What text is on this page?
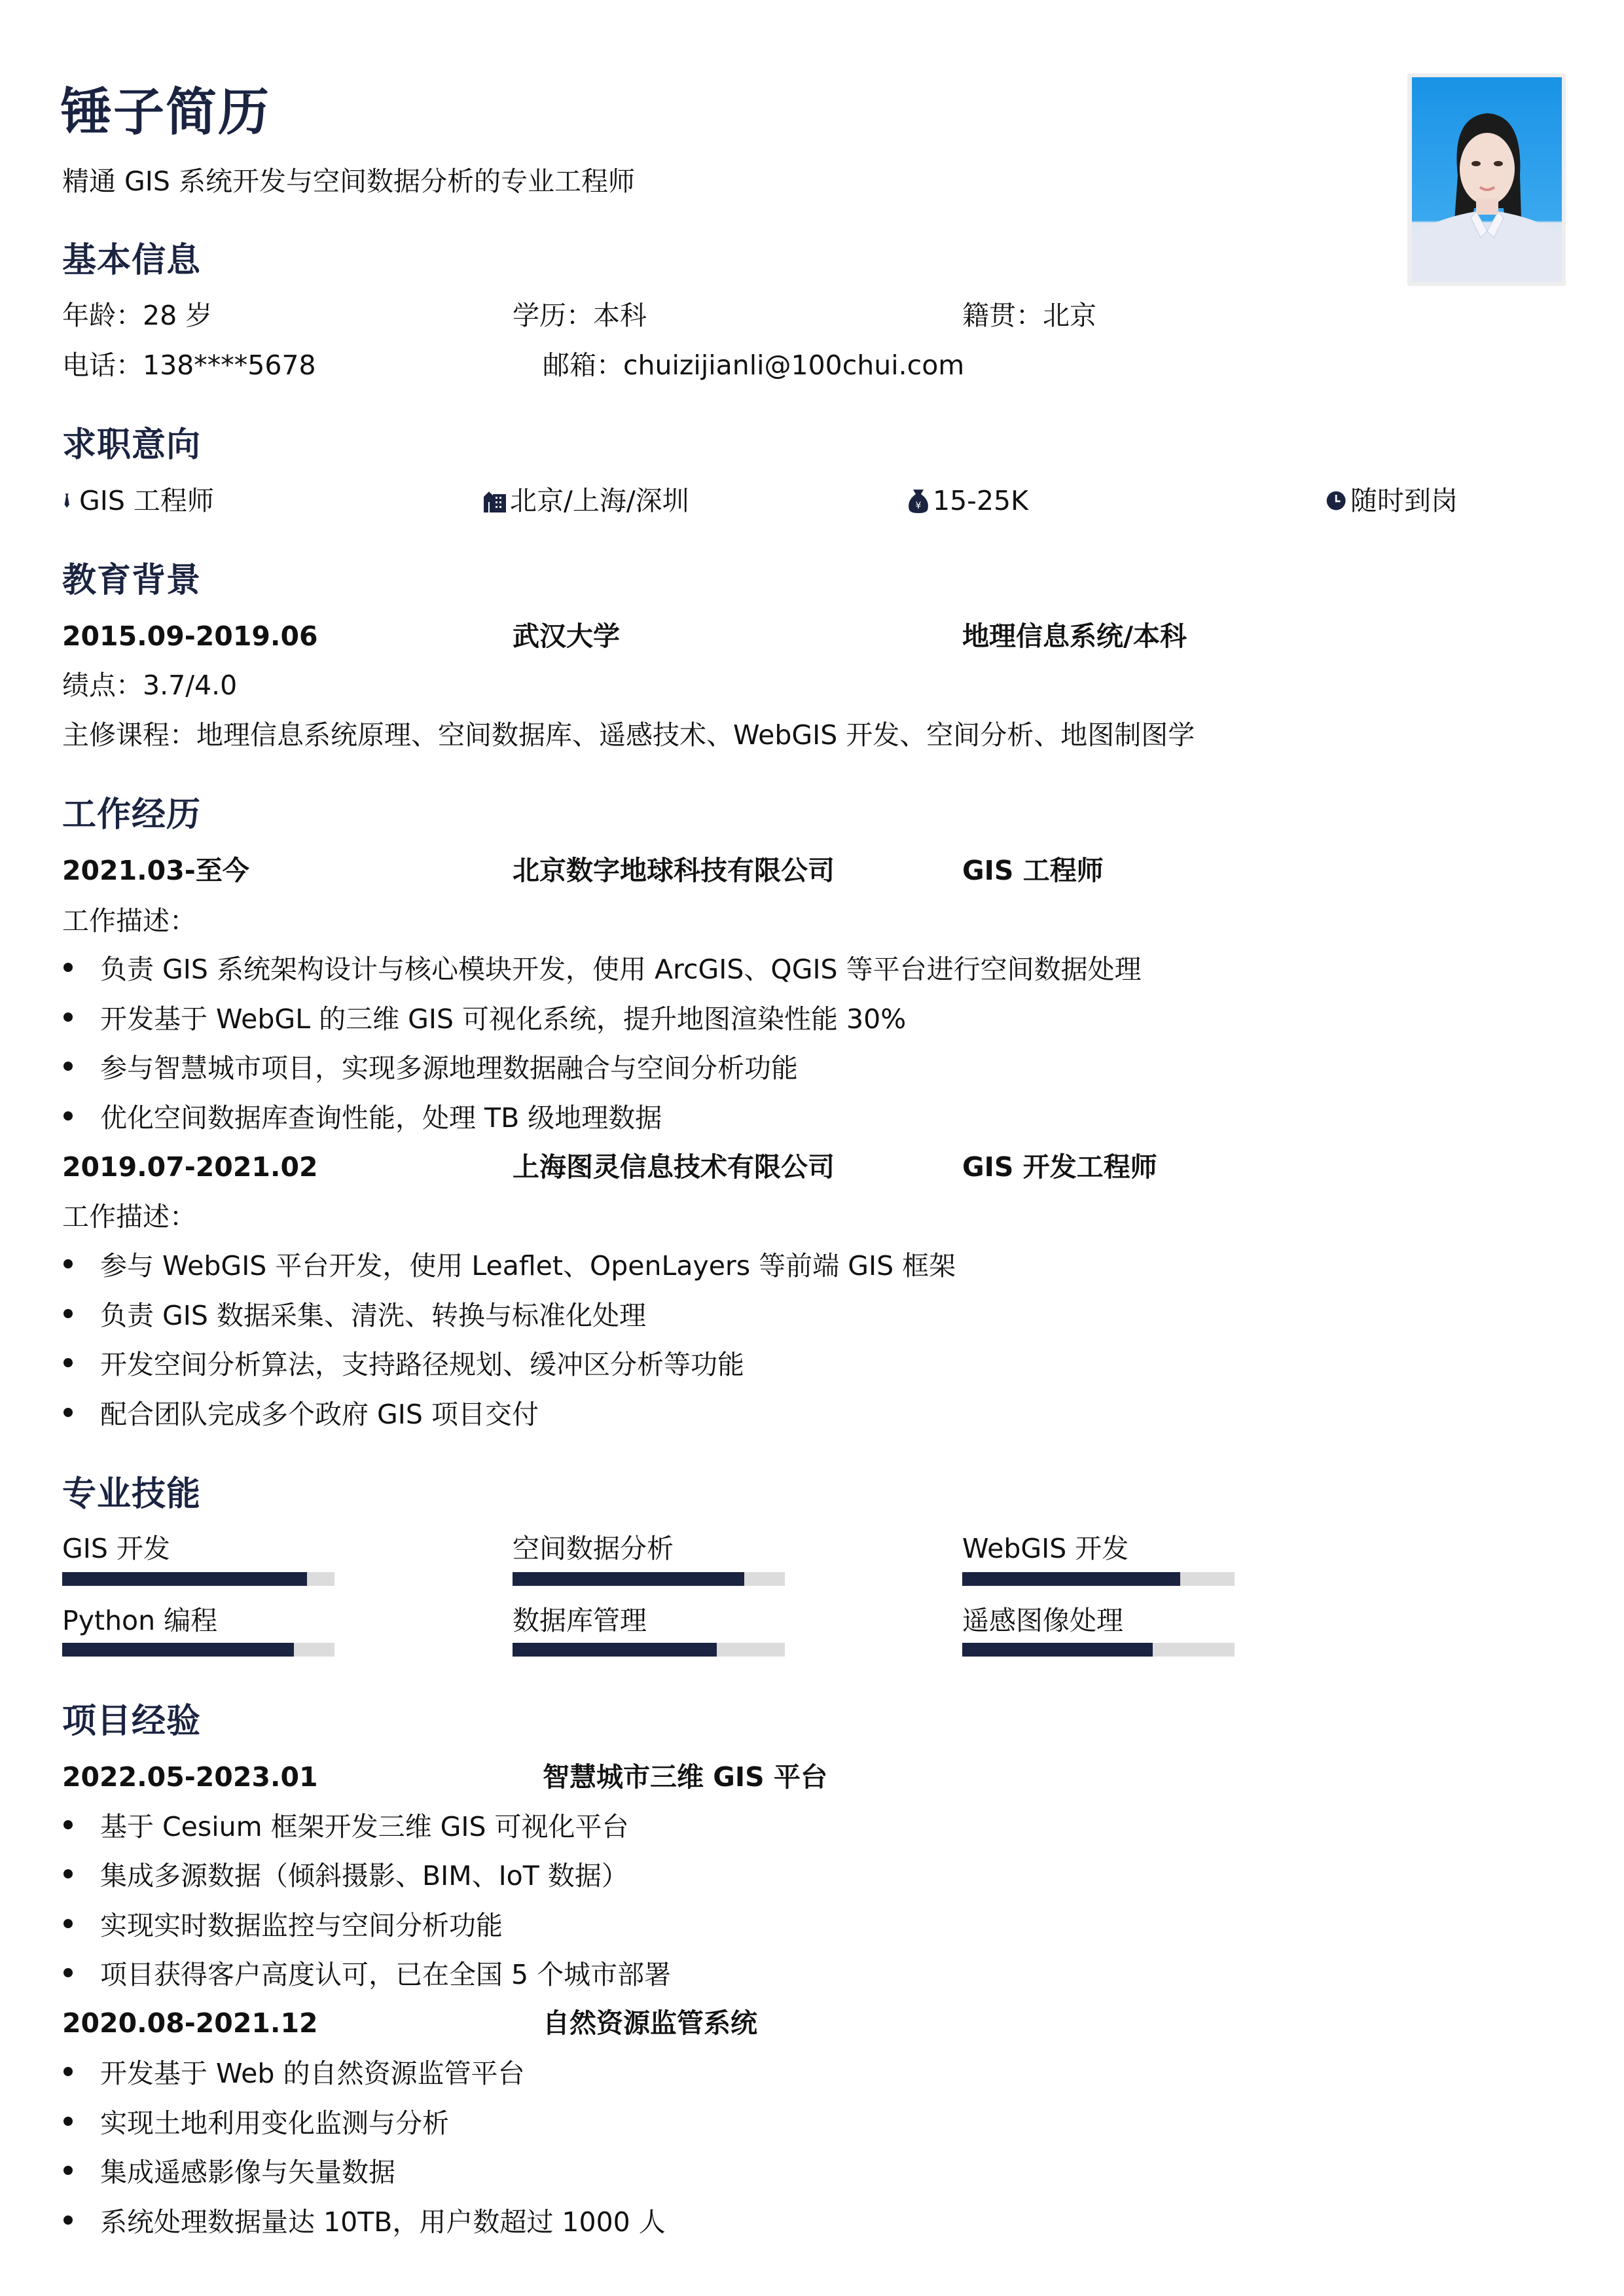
锤子简历
精通 GIS 系统开发与空间数据分析的专业工程师
基本信息
年龄：28 岁	学历：本科	籍贯：北京
电话：138****5678	邮箱：chuizijianli@100chui.com
求职意向
GIS 工程师	北京/上海/深圳	¥ 15-25K	随时到岗
教育背景
2015.09-2019.06	武汉大学	地理信息系统/本科
绩点：3.7/4.0
主修课程：地理信息系统原理、空间数据库、遥感技术、WebGIS 开发、空间分析、地图制图学
工作经历
2021.03-至今	北京数字地球科技有限公司	GIS 工程师
工作描述：
负责 GIS 系统架构设计与核心模块开发，使用 ArcGIS、QGIS 等平台进行空间数据处理
开发基于 WebGL 的三维 GIS 可视化系统，提升地图渲染性能 30%
参与智慧城市项目，实现多源地理数据融合与空间分析功能
优化空间数据库查询性能，处理 TB 级地理数据
2019.07-2021.02	上海图灵信息技术有限公司	GIS 开发工程师
工作描述：
参与 WebGIS 平台开发，使用 Leaflet、OpenLayers 等前端 GIS 框架
负责 GIS 数据采集、清洗、转换与标准化处理
开发空间分析算法，支持路径规划、缓冲区分析等功能
配合团队完成多个政府 GIS 项目交付
专业技能
GIS 开发	空间数据分析	WebGIS 开发
Python 编程	数据库管理	遥感图像处理
项目经验
2022.05-2023.01	智慧城市三维 GIS 平台
基于 Cesium 框架开发三维 GIS 可视化平台
集成多源数据（倾斜摄影、BIM、IoT 数据）
实现实时数据监控与空间分析功能
项目获得客户高度认可，已在全国 5 个城市部署
2020.08-2021.12	自然资源监管系统
开发基于 Web 的自然资源监管平台
实现土地利用变化监测与分析
集成遥感影像与矢量数据
系统处理数据量达 10TB，用户数超过 1000 人
